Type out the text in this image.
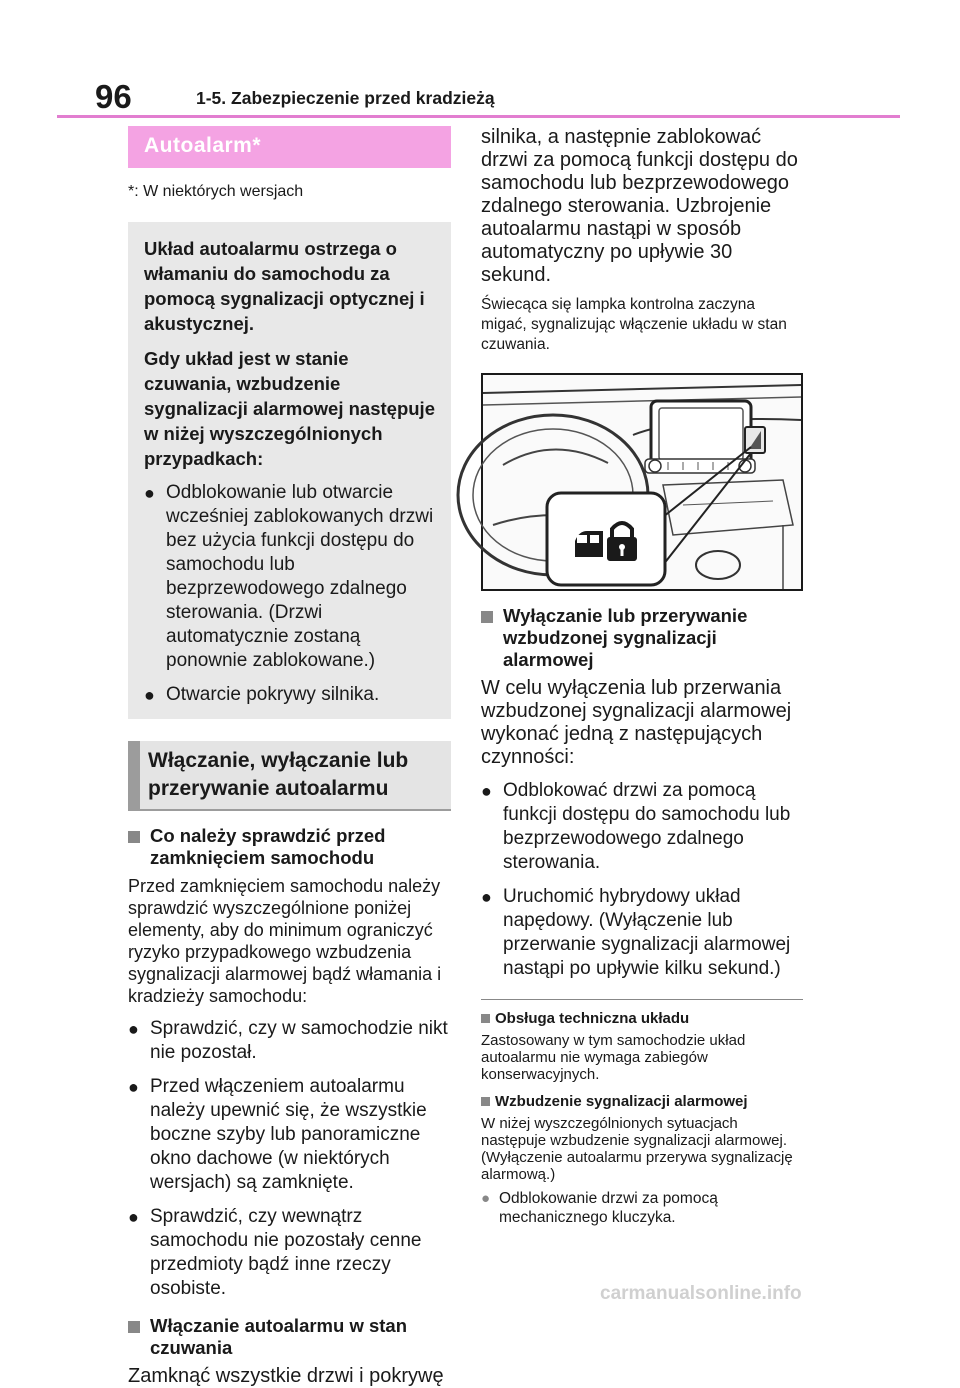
96	1-5. Zabezpieczenie przed kradzieżą
Autoalarm*

*: W niektórych wersjach

Układ autoalarmu ostrzega o włamaniu do samochodu za pomocą sygnalizacji optycznej i akustycznej.

Gdy układ jest w stanie czuwania, wzbudzenie sygnalizacji alarmowej następuje w niżej wyszczególnionych przypadkach:

● Odblokowanie lub otwarcie wcześniej zablokowanych drzwi bez użycia funkcji dostępu do samochodu lub bezprzewodowego zdalnego sterowania. (Drzwi automatycznie zostaną ponownie zablokowane.)
● Otwarcie pokrywy silnika.

Włączanie, wyłączanie lub przerywanie autoalarmu

Co należy sprawdzić przed zamknięciem samochodu

Przed zamknięciem samochodu należy sprawdzić wyszczególnione poniżej elementy, aby do minimum ograniczyć ryzyko przypadkowego wzbudzenia sygnalizacji alarmowej bądź włamania i kradzieży samochodu:

● Sprawdzić, czy w samochodzie nikt nie pozostał.
● Przed włączeniem autoalarmu należy upewnić się, że wszystkie boczne szyby lub panoramiczne okno dachowe (w niektórych wersjach) są zamknięte.
● Sprawdzić, czy wewnątrz samochodu nie pozostały cenne przedmioty bądź inne rzeczy osobiste.
Włączanie autoalarmu w stan czuwania

Zamknąć wszystkie drzwi i pokrywę

silnika, a następnie zablokować drzwi za pomocą funkcji dostępu do samochodu lub bezprzewodowego zdalnego sterowania. Uzbrojenie autoalarmu nastąpi w sposób automatyczny po upływie 30 sekund.

Świecąca się lampka kontrolna zaczyna migać, sygnalizując włączenie układu w stan czuwania.

Wyłączanie lub przerywanie wzbudzonej sygnalizacji alarmowej

W celu wyłączenia lub przerwania wzbudzonej sygnalizacji alarmowej wykonać jedną z następujących czynności:

● Odblokować drzwi za pomocą funkcji dostępu do samochodu lub bezprzewodowego zdalnego sterowania.
● Uruchomić hybrydowy układ napędowy. (Wyłączenie lub przerwanie sygnalizacji alarmowej nastąpi po upływie kilku sekund.)
Obsługa techniczna układu

Zastosowany w tym samochodzie układ autoalarmu nie wymaga zabiegów konserwacyjnych.

Wzbudzenie sygnalizacji alarmowej

W niżej wyszczególnionych sytuacjach następuje wzbudzenie sygnalizacji alarmowej. (Wyłączenie autoalarmu przerywa sygnalizację alarmową.)

● Odblokowanie drzwi za pomocą mechanicznego kluczyka.
carmanualsonline.info
